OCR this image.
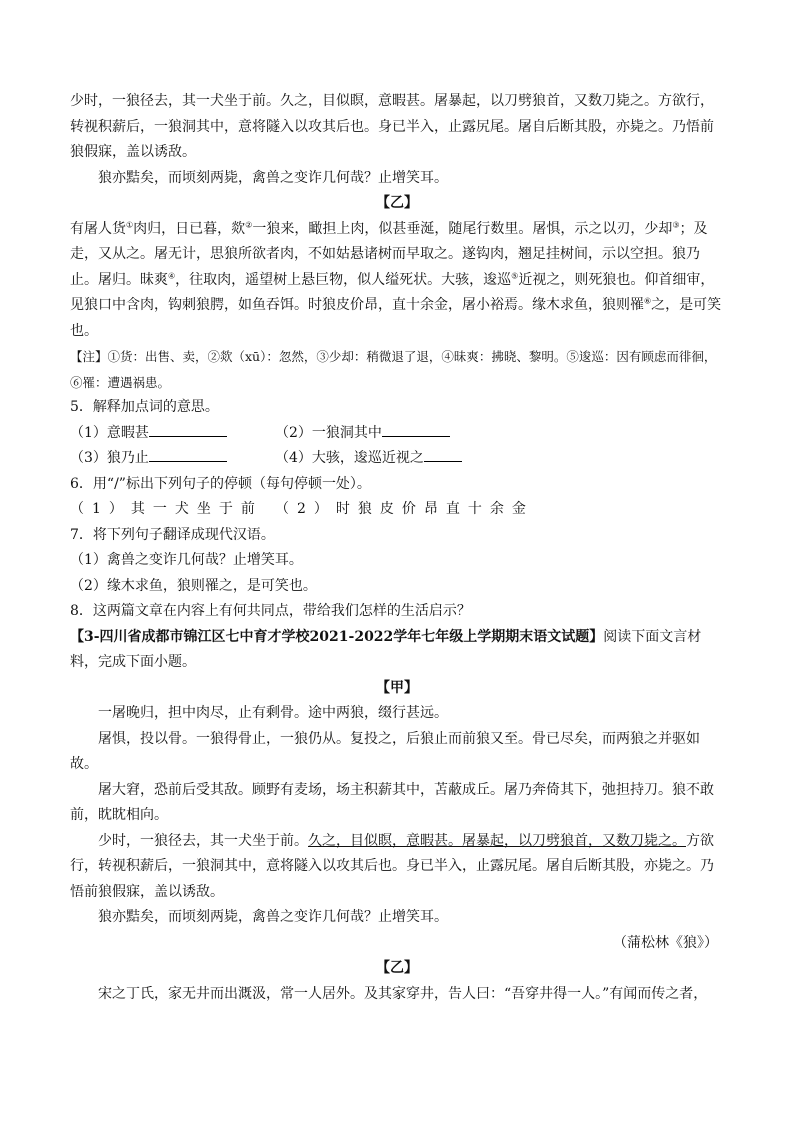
少时，一狼径去，其一犬坐于前。久之，目似瞑，意暇甚。屠暴起，以刀劈狼首，又数刀毙之。方欲行，转视积薪后，一狼洞其中，意将隧入以攻其后也。身已半入，止露尻尾。屠自后断其股，亦毙之。乃悟前狼假寐，盖以诱敌。

狼亦黠矣，而顷刻两毙，禽兽之变诈几何哉？止增笑耳。

【乙】

有屠人货①肉归，日已暮，欻②一狼来，瞰担上肉，似甚垂涎，随尾行数里。屠惧，示之以刃，少却③；及走，又从之。屠无计，思狼所欲者肉，不如姑悬诸树而早取之。遂钩肉，翘足挂树间，示以空担。狼乃止。屠归。昧爽④，往取肉，遥望树上悬巨物，似人缢死状。大骇，逡巡⑤近视之，则死狼也。仰首细审，见狼口中含肉，钩刺狼腭，如鱼吞饵。时狼皮价昂，直十余金，屠小裕焉。缘木求鱼，狼则罹⑥之，是可笑也。

【注】①货：出售、卖，②欻（xū）：忽然，③少却：稍微退了退，④昧爽：拂晓、黎明。⑤逡巡：因有顾虑而徘徊，⑥罹：遭遇祸患。

5．解释加点词的意思。

（1）意暇甚	（2）一狼洞其中

（3）狼乃止	（4）大骇，逡巡近视之

6．用“/”标出下列句子的停顿（每句停顿一处）。

（1）其一犬坐于前 （2）时狼皮价昂直十余金

7．将下列句子翻译成现代汉语。

（1）禽兽之变诈几何哉？止增笑耳。

（2）缘木求鱼，狼则罹之，是可笑也。

8．这两篇文章在内容上有何共同点，带给我们怎样的生活启示？

【3-四川省成都市锦江区七中育才学校2021-2022学年七年级上学期期末语文试题】阅读下面文言材料，完成下面小题。

【甲】

一屠晚归，担中肉尽，止有剩骨。途中两狼，缀行甚远。

屠惧，投以骨。一狼得骨止，一狼仍从。复投之，后狼止而前狼又至。骨已尽矣，而两狼之并驱如故。

屠大窘，恐前后受其敌。顾野有麦场，场主积薪其中，苫蔽成丘。屠乃奔倚其下，弛担持刀。狼不敢前，眈眈相向。

少时，一狼径去，其一犬坐于前。久之，目似瞑，意暇甚。屠暴起，以刀劈狼首，又数刀毙之。方欲行，转视积薪后，一狼洞其中，意将隧入以攻其后也。身已半入，止露尻尾。屠自后断其股，亦毙之。乃悟前狼假寐，盖以诱敌。

狼亦黠矣，而顷刻两毙，禽兽之变诈几何哉？止增笑耳。

（蒲松林《狼》）

【乙】

宋之丁氏，家无井而出溉汲，常一人居外。及其家穿井，告人曰：“吾穿井得一人。”有闻而传之者，
